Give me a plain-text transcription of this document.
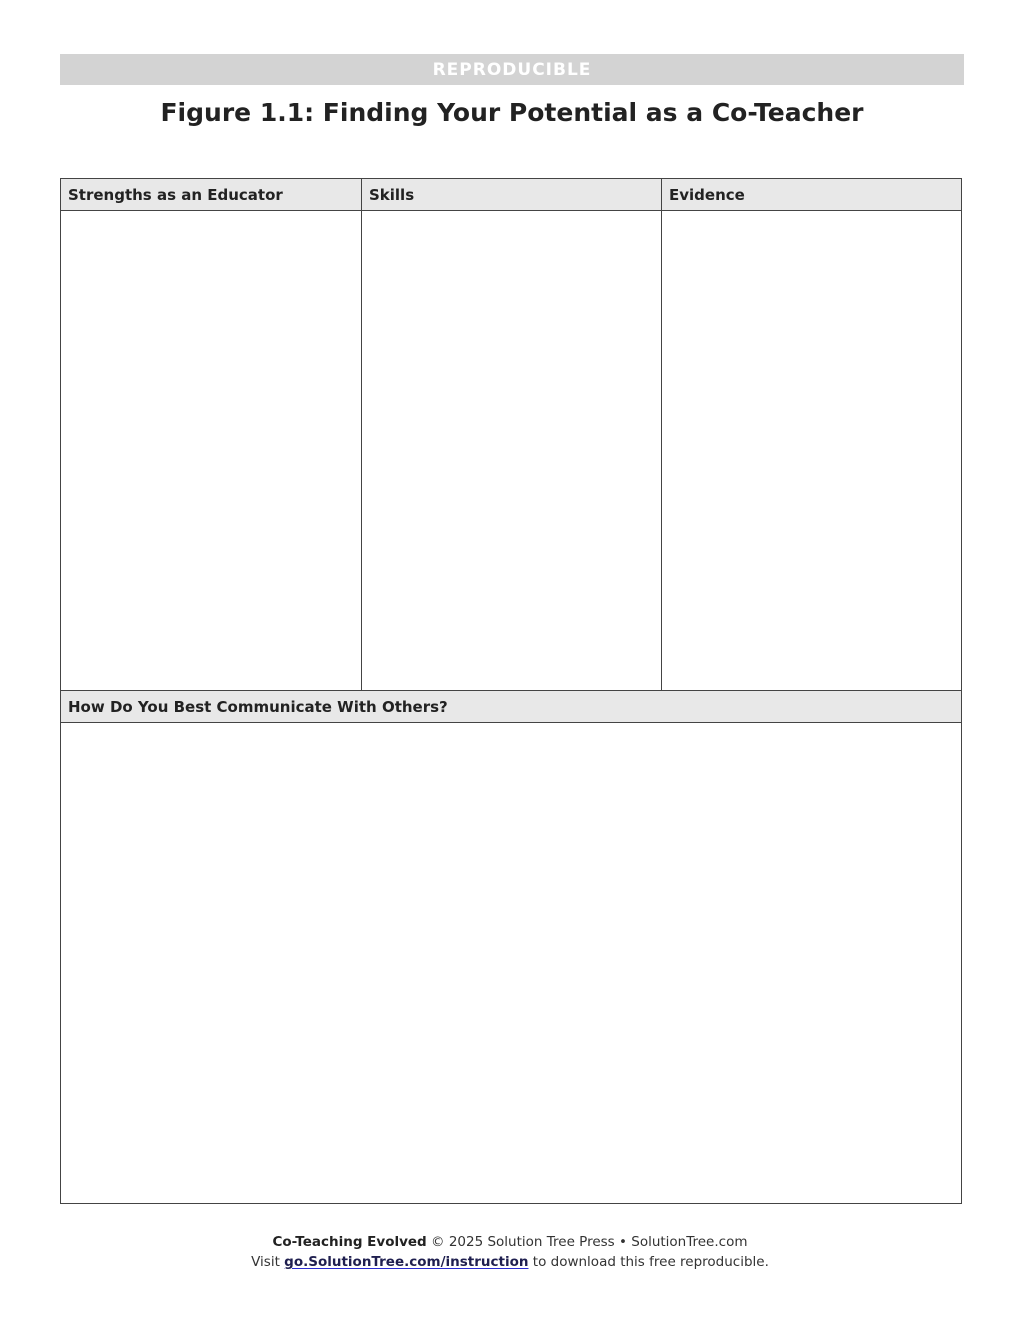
REPRODUCIBLE
Figure 1.1: Finding Your Potential as a Co-Teacher
Strengths as an Educator	Skills	Evidence
How Do You Best Communicate With Others?
Co-Teaching Evolved © 2025 Solution Tree Press • SolutionTree.com
Visit go.SolutionTree.com/instruction to download this free reproducible.
